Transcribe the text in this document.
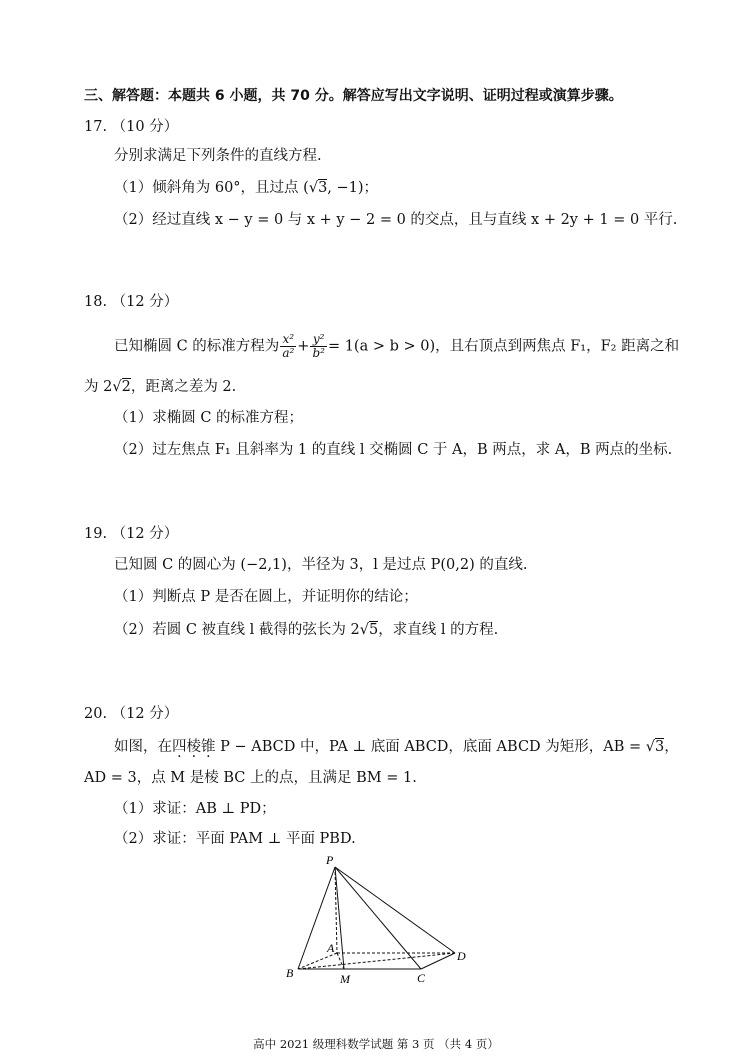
三、解答题：本题共 6 小题，共 70 分。解答应写出文字说明、证明过程或演算步骤。
17. （10 分）
分别求满足下列条件的直线方程.
（1）倾斜角为 60°，且过点 (√3, −1)；
（2）经过直线 x − y = 0 与 x + y − 2 = 0 的交点，且与直线 x + 2y + 1 = 0 平行.
18. （12 分）
已知椭圆 C 的标准方程为 $\frac{\text{x²}}{\text{a²}} + \frac{\text{y²}}{\text{b²}} = 1(a > b > 0)$，且右顶点到两焦点 F₁，F₂ 距离之和
为 2√2，距离之差为 2.
（1）求椭圆 C 的标准方程；
（2）过左焦点 F₁ 且斜率为 1 的直线 l 交椭圆 C 于 A，B 两点，求 A，B 两点的坐标.
19. （12 分）
已知圆 C 的圆心为 (−2,1)，半径为 3，l 是过点 P(0,2) 的直线.
（1）判断点 P 是否在圆上，并证明你的结论；
（2）若圆 C 被直线 l 截得的弦长为 2√5，求直线 l 的方程.
20. （12 分）
如图，在四棱锥 P − ABCD 中，PA ⊥ 底面 ABCD，底面 ABCD 为矩形，AB = √3，
AD = 3，点 M 是棱 BC 上的点，且满足 BM = 1.
（1）求证：AB ⊥ PD；
（2）求证：平面 PAM ⊥ 平面 PBD.
P
A
B	M	C
D
高中 2021 级理科数学试题 第 3 页 （共 4 页）
